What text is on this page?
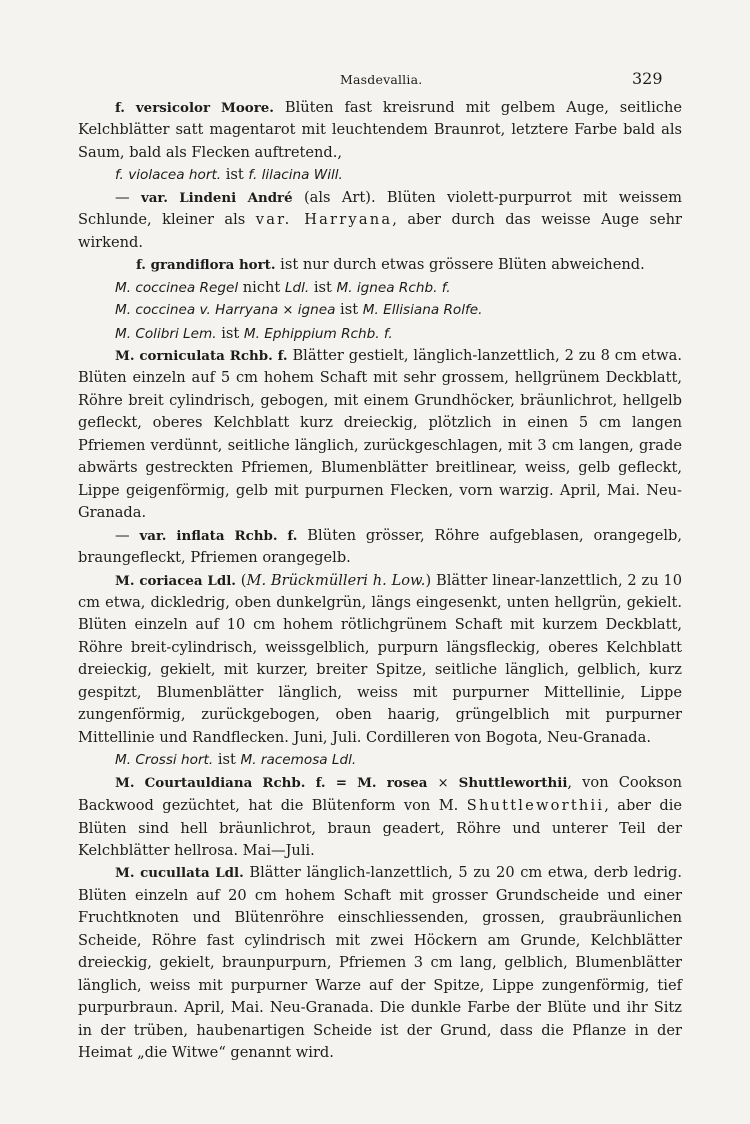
Masdevallia.	329

f. versicolor Moore. Blüten fast kreisrund mit gelbem Auge, seitliche Kelchblätter satt magentarot mit leuchtendem Braunrot, letztere Farbe bald als Saum, bald als Flecken auftretend.,

f. violacea hort. ist f. lilacina Will.

— var. Lindeni André (als Art). Blüten violett-purpurrot mit weissem Schlunde, kleiner als var. Harryana, aber durch das weisse Auge sehr wirkend.

f. grandiflora hort. ist nur durch etwas grössere Blüten abweichend.

M. coccinea Regel nicht Ldl. ist M. ignea Rchb. f.

M. coccinea v. Harryana × ignea ist M. Ellisiana Rolfe.

M. Colibri Lem. ist M. Ephippium Rchb. f.

M. corniculata Rchb. f. Blätter gestielt, länglich-lanzettlich, 2 zu 8 cm etwa. Blüten einzeln auf 5 cm hohem Schaft mit sehr grossem, hellgrünem Deckblatt, Röhre breit cylindrisch, gebogen, mit einem Grundhöcker, bräunlichrot, hellgelb gefleckt, oberes Kelchblatt kurz dreieckig, plötzlich in einen 5 cm langen Pfriemen verdünnt, seitliche länglich, zurückgeschlagen, mit 3 cm langen, grade abwärts gestreckten Pfriemen, Blumenblätter breitlinear, weiss, gelb gefleckt, Lippe geigenförmig, gelb mit purpurnen Flecken, vorn warzig. April, Mai. Neu-Granada.

— var. inflata Rchb. f. Blüten grösser, Röhre aufgeblasen, orangegelb, braungefleckt, Pfriemen orangegelb.

M. coriacea Ldl. (M. Brückmülleri h. Low.) Blätter linear-lanzettlich, 2 zu 10 cm etwa, dickledrig, oben dunkelgrün, längs eingesenkt, unten hellgrün, gekielt. Blüten einzeln auf 10 cm hohem rötlichgrünem Schaft mit kurzem Deckblatt, Röhre breit-cylindrisch, weissgelblich, purpurn längsfleckig, oberes Kelchblatt dreieckig, gekielt, mit kurzer, breiter Spitze, seitliche länglich, gelblich, kurz gespitzt, Blumenblätter länglich, weiss mit purpurner Mittellinie, Lippe zungenförmig, zurückgebogen, oben haarig, grüngelblich mit purpurner Mittellinie und Randflecken. Juni, Juli. Cordilleren von Bogota, Neu-Granada.

M. Crossi hort. ist M. racemosa Ldl.

M. Courtauldiana Rchb. f. = M. rosea × Shuttleworthii, von Cookson Backwood gezüchtet, hat die Blütenform von M. Shuttleworthii, aber die Blüten sind hell bräunlichrot, braun geadert, Röhre und unterer Teil der Kelchblätter hellrosa. Mai—Juli.

M. cucullata Ldl. Blätter länglich-lanzettlich, 5 zu 20 cm etwa, derb ledrig. Blüten einzeln auf 20 cm hohem Schaft mit grosser Grundscheide und einer Fruchtknoten und Blütenröhre einschliessenden, grossen, graubräunlichen Scheide, Röhre fast cylindrisch mit zwei Höckern am Grunde, Kelchblätter dreieckig, gekielt, braunpurpurn, Pfriemen 3 cm lang, gelblich, Blumenblätter länglich, weiss mit purpurner Warze auf der Spitze, Lippe zungenförmig, tief purpurbraun. April, Mai. Neu-Granada. Die dunkle Farbe der Blüte und ihr Sitz in der trüben, haubenartigen Scheide ist der Grund, dass die Pflanze in der Heimat „die Witwe“ genannt wird.
